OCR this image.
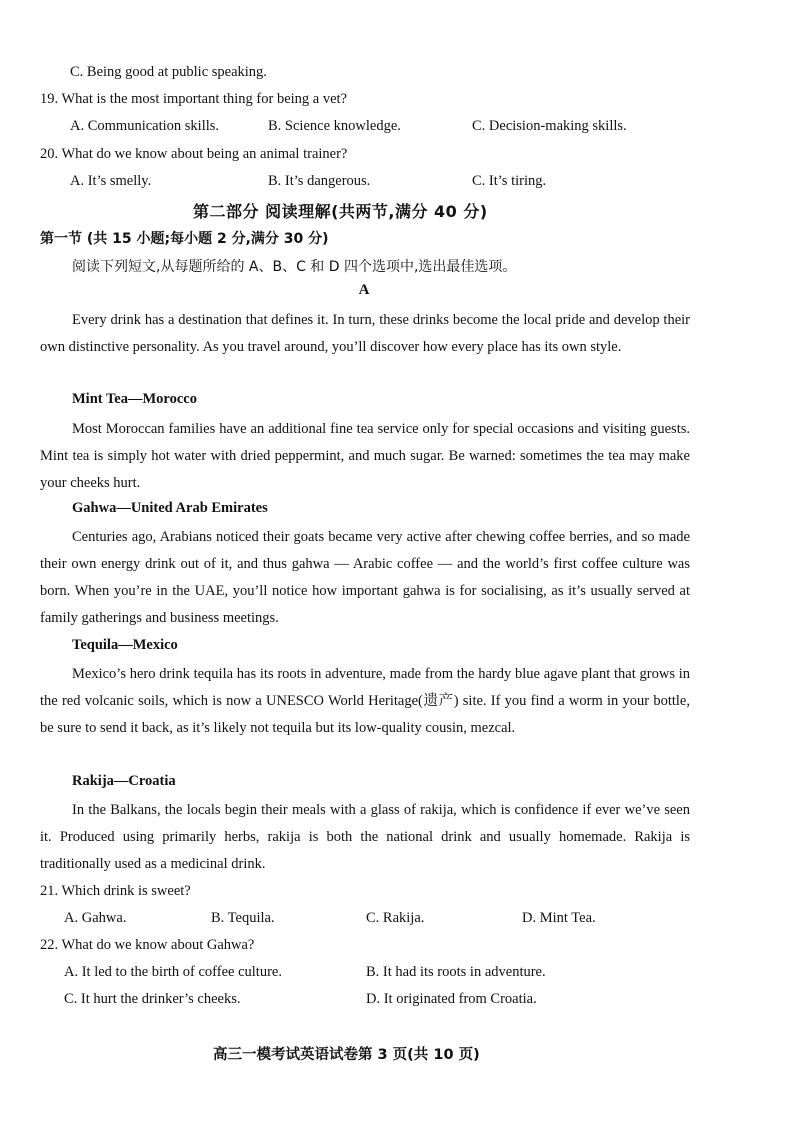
C. Being good at public speaking.
19. What is the most important thing for being a vet?
A. Communication skills.	B. Science knowledge.	C. Decision-making skills.
20. What do we know about being an animal trainer?
A. It’s smelly.	B. It’s dangerous.	C. It’s tiring.
第二部分 阅读理解(共两节,满分 40 分)
第一节 (共 15 小题;每小题 2 分,满分 30 分)
阅读下列短文,从每题所给的 A、B、C 和 D 四个选项中,选出最佳选项。
A
Every drink has a destination that defines it. In turn, these drinks become the local pride and develop their own distinctive personality. As you travel around, you’ll discover how every place has its own style.
Mint Tea—Morocco
Most Moroccan families have an additional fine tea service only for special occasions and visiting guests. Mint tea is simply hot water with dried peppermint, and much sugar. Be warned: sometimes the tea may make your cheeks hurt.
Gahwa—United Arab Emirates
Centuries ago, Arabians noticed their goats became very active after chewing coffee berries, and so made their own energy drink out of it, and thus gahwa — Arabic coffee — and the world’s first coffee culture was born. When you’re in the UAE, you’ll notice how important gahwa is for socialising, as it’s usually served at family gatherings and business meetings.
Tequila—Mexico
Mexico’s hero drink tequila has its roots in adventure, made from the hardy blue agave plant that grows in the red volcanic soils, which is now a UNESCO World Heritage(遗产) site. If you find a worm in your bottle, be sure to send it back, as it’s likely not tequila but its low-quality cousin, mezcal.
Rakija—Croatia
In the Balkans, the locals begin their meals with a glass of rakija, which is confidence if ever we’ve seen it. Produced using primarily herbs, rakija is both the national drink and usually homemade. Rakija is traditionally used as a medicinal drink.
21. Which drink is sweet?
A. Gahwa.	B. Tequila.	C. Rakija.	D. Mint Tea.
22. What do we know about Gahwa?
A. It led to the birth of coffee culture.	B. It had its roots in adventure.
C. It hurt the drinker’s cheeks.	D. It originated from Croatia.
高三一模考试英语试卷第 3 页(共 10 页)
